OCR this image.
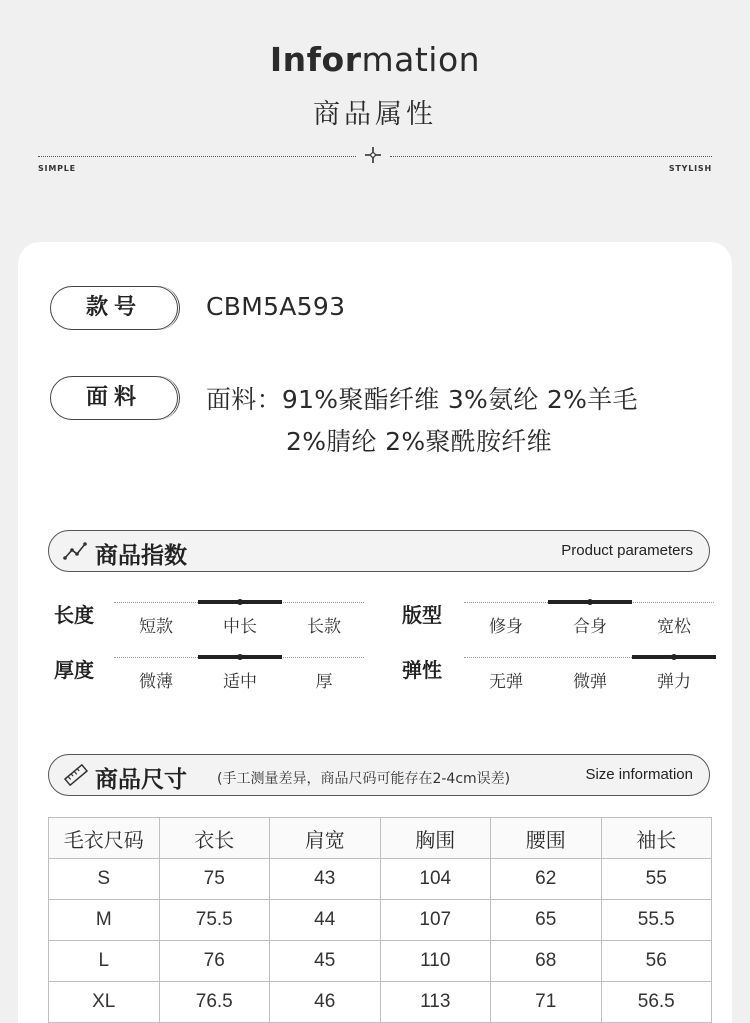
Information
商品属性
SIMPLE	STYLISH
款号	CBM5A593
面料	面料：91%聚酯纤维 3%氨纶 2%羊毛
2%腈纶 2%聚酰胺纤维
商品指数	Product parameters
长度	短款	中长	长款	版型	修身	合身	宽松
厚度	微薄	适中	厚	弹性	无弹	微弹	弹力
商品尺寸 (手工测量差异，商品尺码可能存在2-4cm误差)	Size information
毛衣尺码	衣长	肩宽	胸围	腰围	袖长
S	75	43	104	62	55
M	75.5	44	107	65	55.5
L	76	45	110	68	56
XL	76.5	46	113	71	56.5
